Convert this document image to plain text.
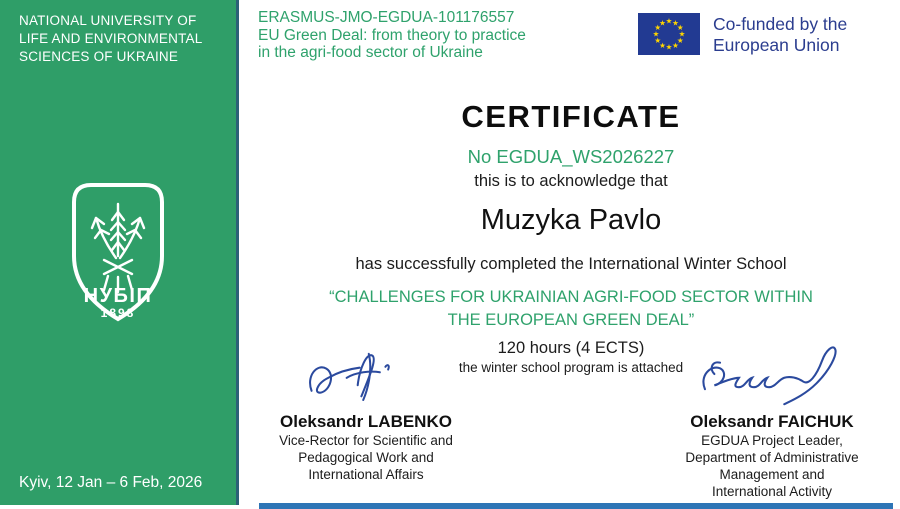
NATIONAL UNIVERSITY OF LIFE AND ENVIRONMENTAL SCIENCES OF UKRAINE
НУБІП
1898
Kyiv, 12 Jan – 6 Feb, 2026
ERASMUS-JMO-EGDUA-101176557
EU Green Deal: from theory to practice
in the agri-food sector of Ukraine
★ ★
★
★
★
★
★
★
★
★
★
★	Co-funded by the
European Union
CERTIFICATE
No EGDUA_WS2026227
this is to acknowledge that
Muzyka Pavlo
has successfully completed the International Winter School
“CHALLENGES FOR UKRAINIAN AGRI-FOOD SECTOR WITHIN
THE EUROPEAN GREEN DEAL”
120 hours (4 ECTS)
the winter school program is attached
Oleksandr LABENKO
Vice-Rector for Scientific and
Pedagogical Work and
International Affairs
Oleksandr FAICHUK
EGDUA Project Leader,
Department of Administrative
Management and
International Activity
